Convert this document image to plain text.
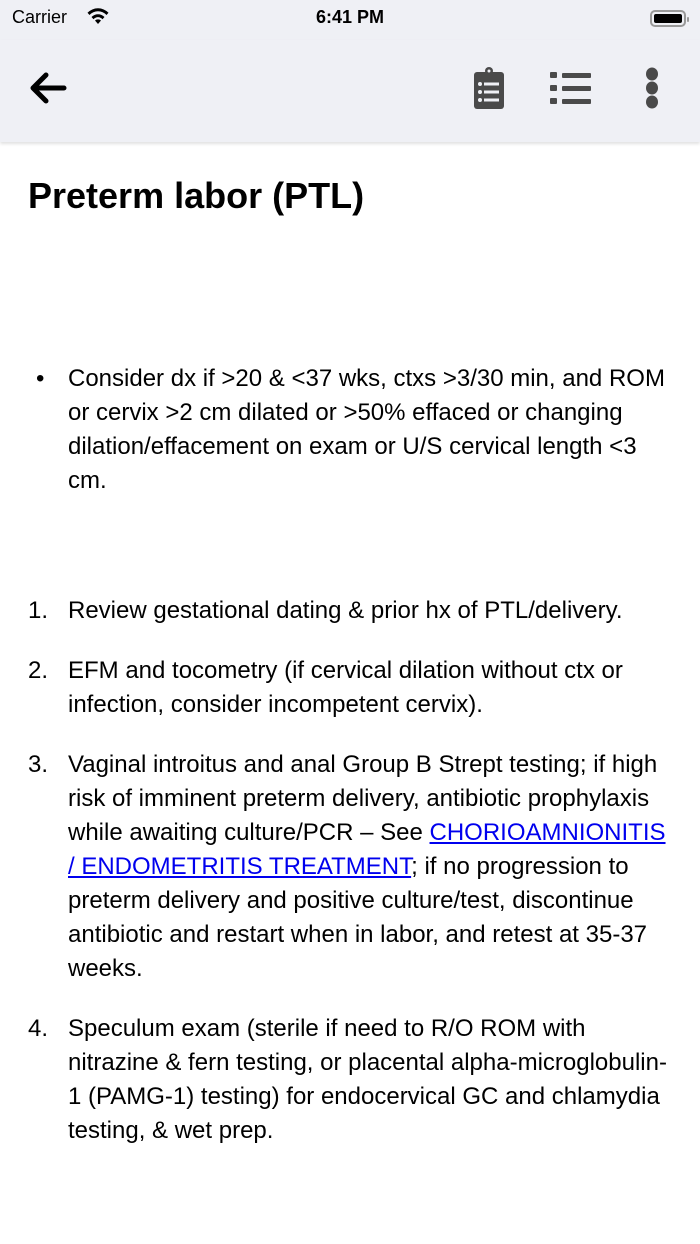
Carrier	6:41 PM
Preterm labor (PTL)
• Consider dx if >20 & <37 wks, ctxs >3/30 min, and ROM or cervix >2 cm dilated or >50% effaced or changing dilation/effacement on exam or U/S cervical length <3 cm.
1. Review gestational dating & prior hx of PTL/delivery.
2. EFM and tocometry (if cervical dilation without ctx or infection, consider incompetent cervix).
3. Vaginal introitus and anal Group B Strept testing; if high risk of imminent preterm delivery, antibiotic prophylaxis while awaiting culture/PCR – See CHORIOAMNIONITIS / ENDOMETRITIS TREATMENT; if no progression to preterm delivery and positive culture/test, discontinue antibiotic and restart when in labor, and retest at 35-37 weeks.
4. Speculum exam (sterile if need to R/O ROM with nitrazine & fern testing, or placental alpha-microglobulin-1 (PAMG-1) testing) for endocervical GC and chlamydia testing, & wet prep.
